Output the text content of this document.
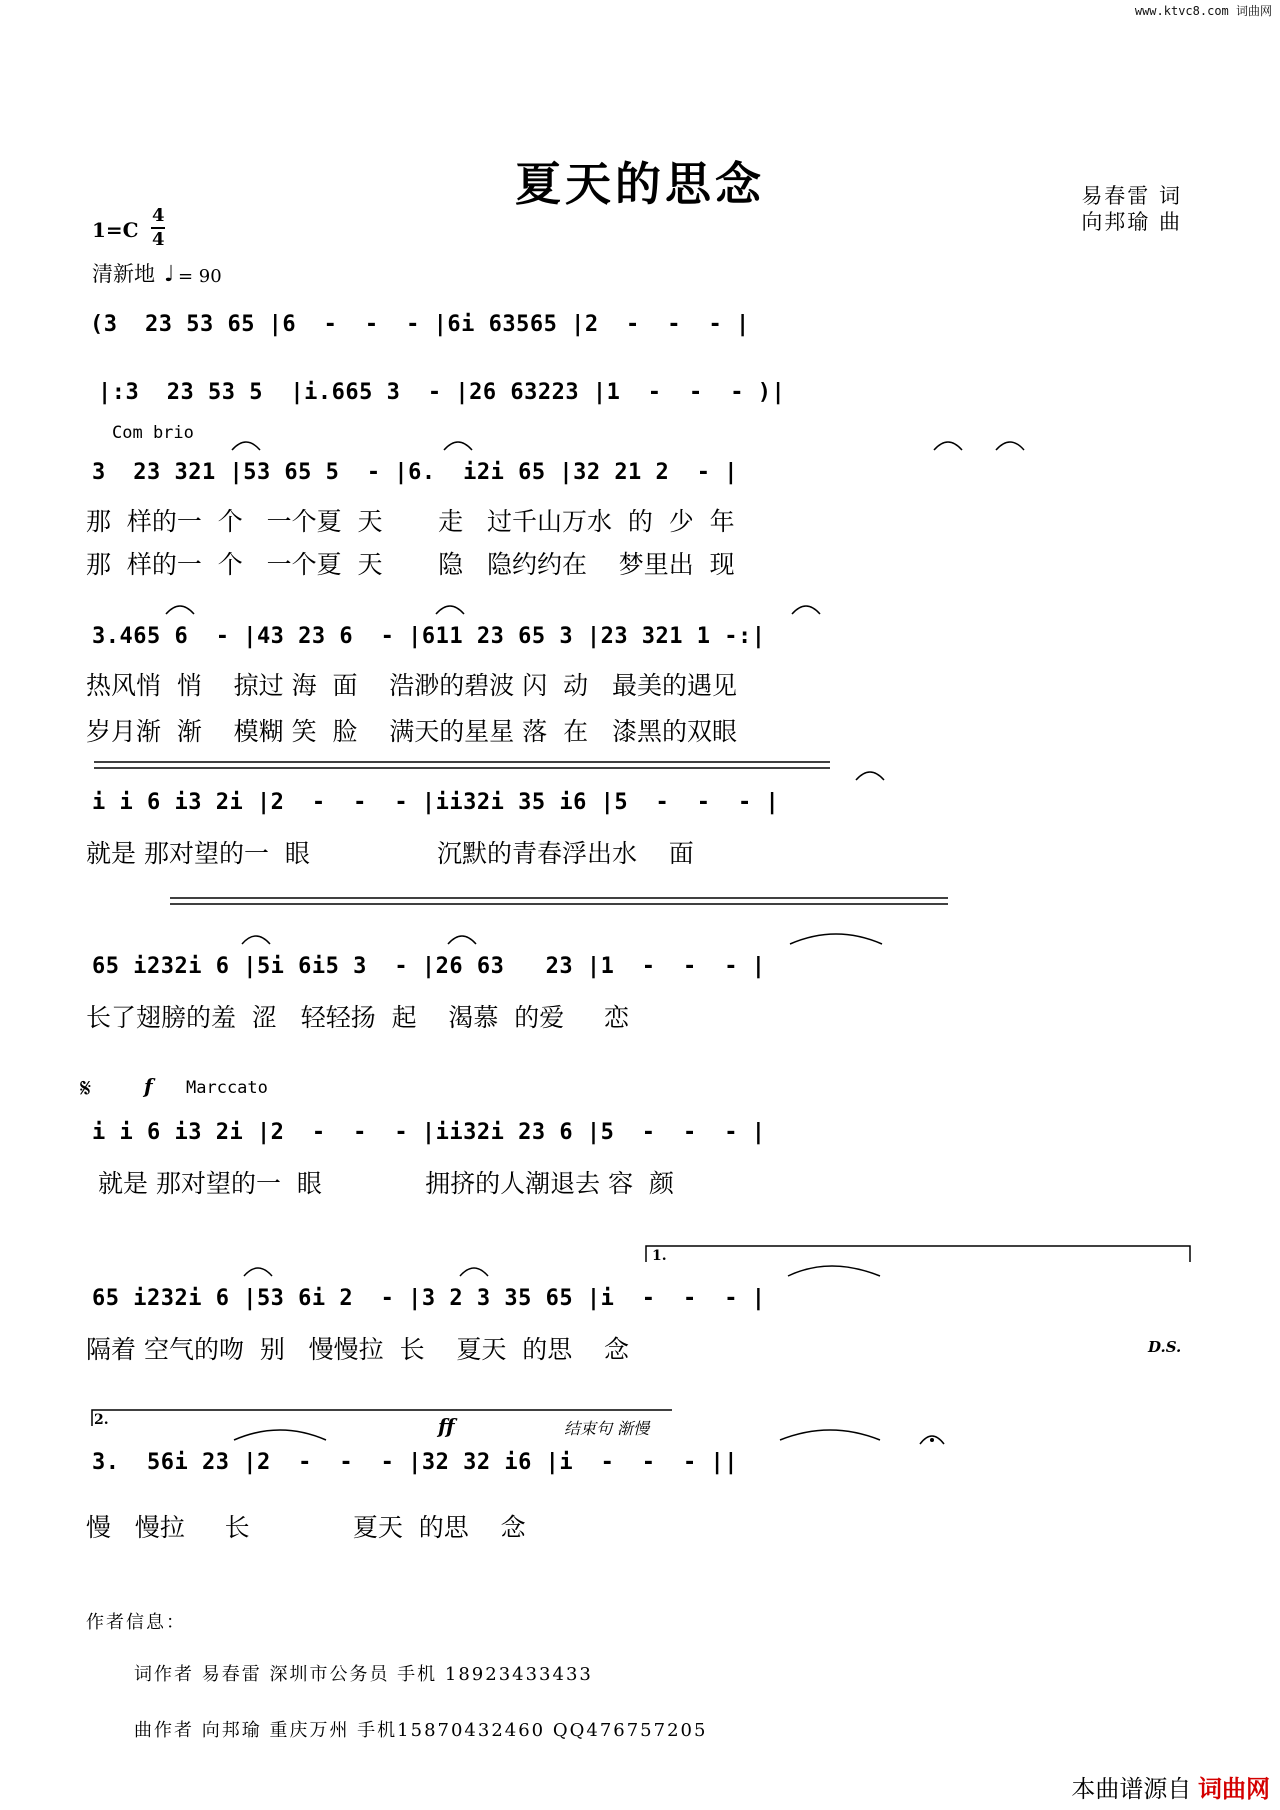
www.ktvc8.com 词曲网
夏天的思念	易春雷 词
向邦瑜 曲
1=C
4
4
清新地 ♩ = 90
Com brio
𝄋	f Marccato
1.
2.
D.S.
ff	结束句 渐慢
(3  23 53 65 |6  -  -  - |6i 63565 |2  -  -  - |
|:3  23 53 5  |i.665 3  - |26 63223 |1  -  -  - )|
3  23 321 |53 65 5  - |6.  i2i 65 |32 21 2  - |
那  样的一  个   一个夏  天       走   过千山万水  的  少  年
那  样的一  个   一个夏  天       隐   隐约约在    梦里出  现
3.465 6  - |43 23 6  - |611 23 65 3 |23 321 1 -:|
热风悄  悄    掠过 海  面    浩渺的碧波 闪  动   最美的遇见
岁月渐  渐    模糊 笑  脸    满天的星星 落  在   漆黑的双眼
i i 6 i3 2i |2  -  -  - |ii32i 35 i6 |5  -  -  - |
就是 那对望的一  眼                沉默的青春浮出水    面
65 i232i 6 |5i 6i5 3  - |26 63   23 |1  -  -  - |
长了翅膀的羞  涩   轻轻扬  起    渴慕  的爱     恋
i i 6 i3 2i |2  -  -  - |ii32i 23 6 |5  -  -  - |
就是 那对望的一  眼             拥挤的人潮退去 容  颜
65 i232i 6 |53 6i 2  - |3 2 3 35 65 |i  -  -  - |
隔着 空气的吻  别   慢慢拉  长    夏天  的思    念
3.  56i 23 |2  -  -  - |32 32 i6 |i  -  -  - ||
慢   慢拉     长             夏天  的思    念
作者信息：
词作者 易春雷 深圳市公务员 手机 18923433433
曲作者 向邦瑜 重庆万州 手机15870432460 QQ476757205
本曲谱源自 词曲网
